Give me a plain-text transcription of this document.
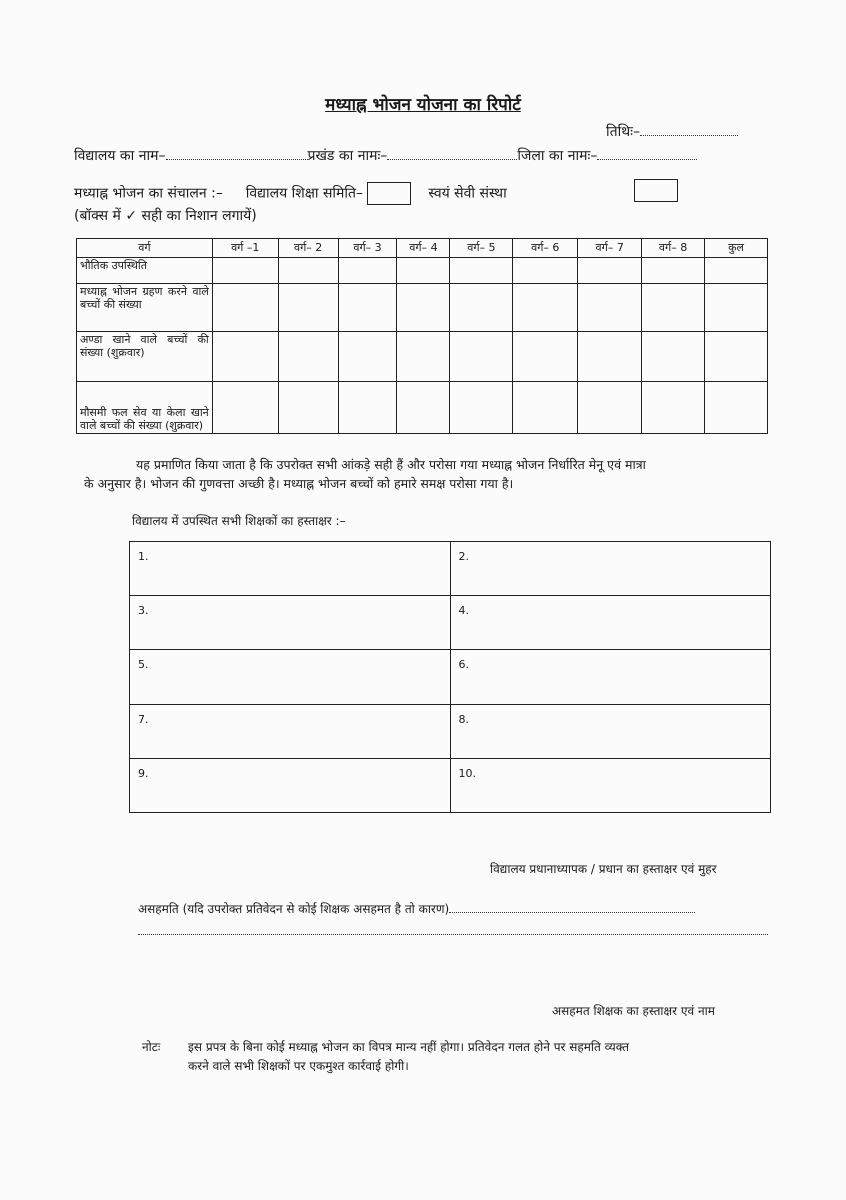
मध्याह्न भोजन योजना का रिपोर्ट
तिथिः–
विद्यालय का नाम–	प्रखंड का नामः–	जिला का नामः–
मध्याह्न भोजन का संचालन :– विद्यालय शिक्षा समिति–	स्वयं सेवी संस्था
(बॉक्स में ✓ सही का निशान लगायें)
वर्ग	वर्ग –1	वर्ग– 2	वर्ग– 3	वर्ग– 4	वर्ग– 5	वर्ग– 6	वर्ग– 7	वर्ग– 8	कुल
भौतिक उपस्थिति									
मध्याह्न भोजन ग्रहण करने वाले बच्चों की संख्या									
अण्डा खाने वाले बच्चों की संख्या (शुक्रवार)									
मौसमी फल सेव या केला खाने वाले बच्चों की संख्या (शुक्रवार)									
यह प्रमाणित किया जाता है कि उपरोक्त सभी आंकड़े सही हैं और परोसा गया मध्याह्न भोजन निर्धारित मेनू एवं मात्रा
के अनुसार है। भोजन की गुणवत्ता अच्छी है। मध्याह्न भोजन बच्चों को हमारे समक्ष परोसा गया है।
विद्यालय में उपस्थित सभी शिक्षकों का हस्ताक्षर :–
1.	2.
3.	4.
5.	6.
7.	8.
9.	10.
विद्यालय प्रधानाध्यापक / प्रधान का हस्ताक्षर एवं मुहर
असहमति (यदि उपरोक्त प्रतिवेदन से कोई शिक्षक असहमत है तो कारण)
असहमत शिक्षक का हस्ताक्षर एवं नाम
नोटः इस प्रपत्र के बिना कोई मध्याह्न भोजन का विपत्र मान्य नहीं होगा। प्रतिवेदन गलत होने पर सहमति व्यक्त
करने वाले सभी शिक्षकों पर एकमुश्त कार्रवाई होगी।
